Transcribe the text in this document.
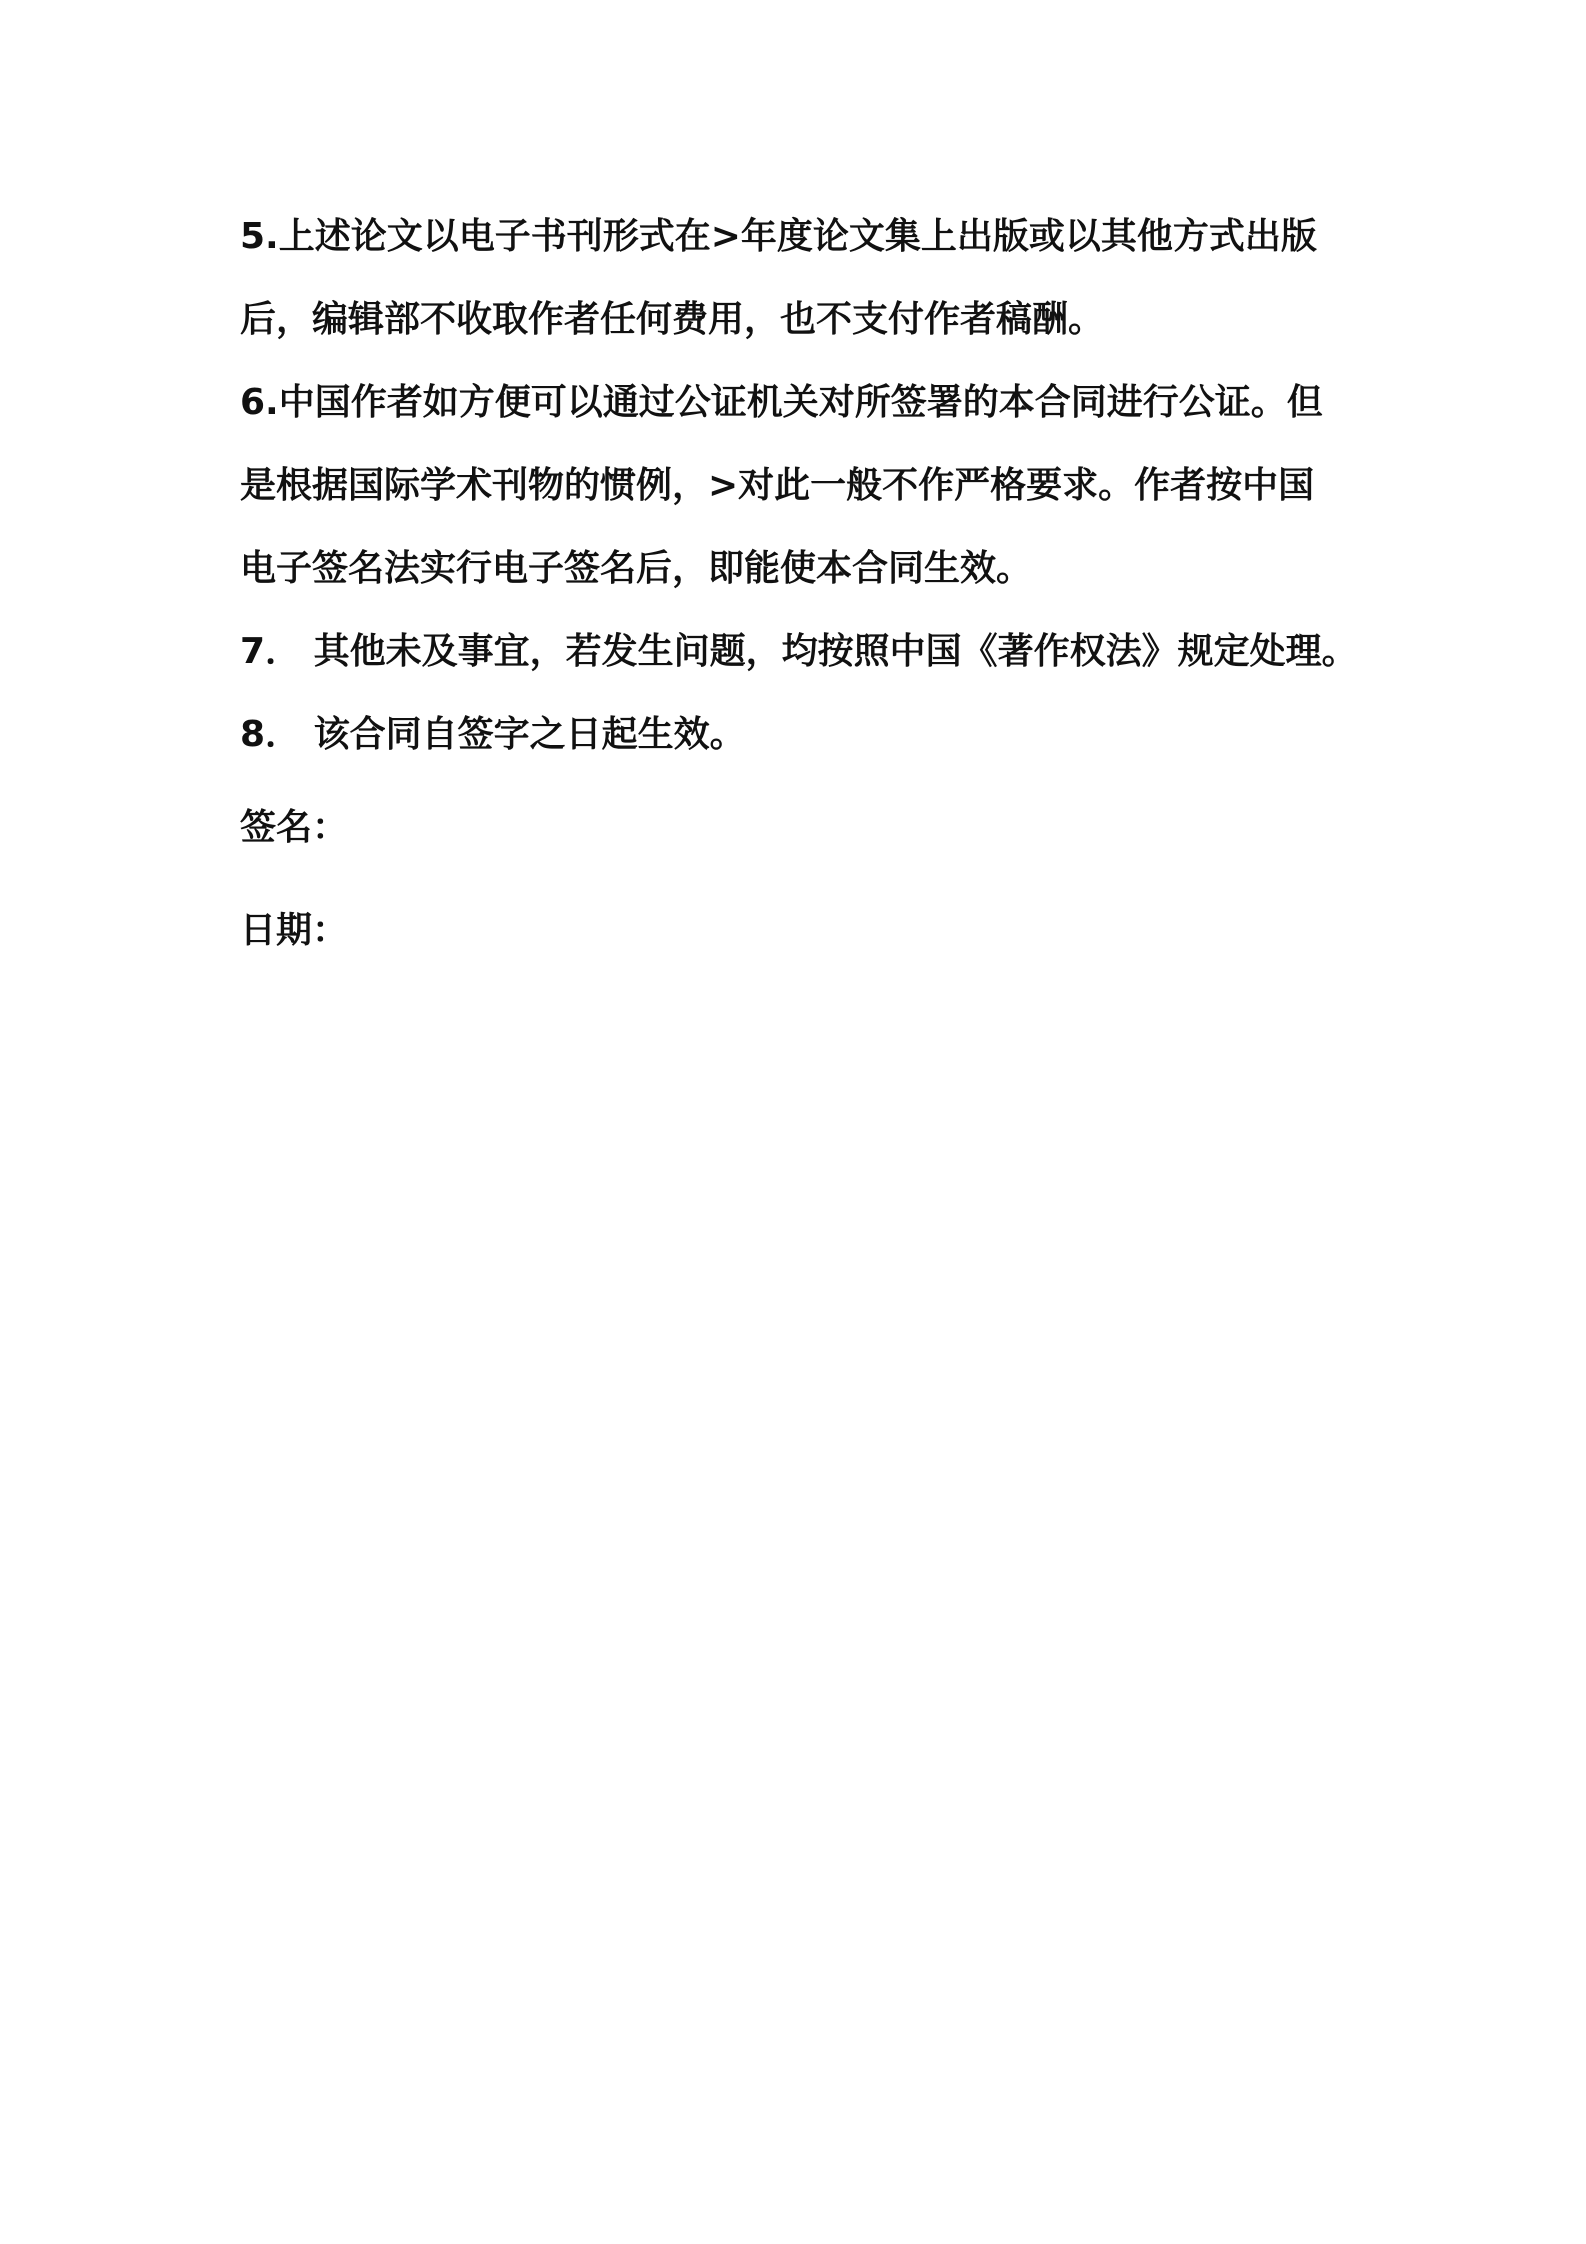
5.上述论文以电子书刊形式在>年度论文集上出版或以其他方式出版
后，编辑部不收取作者任何费用，也不支付作者稿酬。
6.中国作者如方便可以通过公证机关对所签署的本合同进行公证。但
是根据国际学术刊物的惯例，>对此一般不作严格要求。作者按中国
电子签名法实行电子签名后，即能使本合同生效。
7． 其他未及事宜，若发生问题，均按照中国《著作权法》规定处理。
8． 该合同自签字之日起生效。
签名：
日期：
